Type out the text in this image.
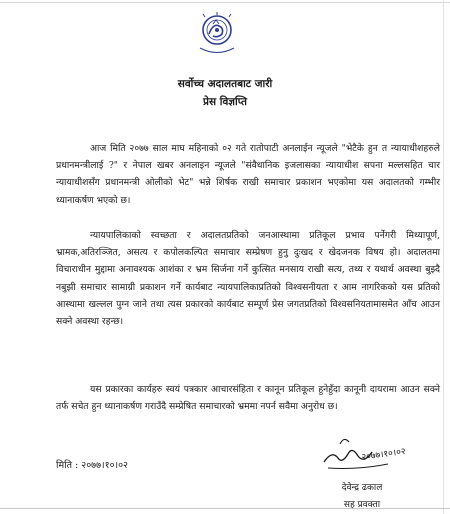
सर्वोच्च अदालतबाट जारी
प्रेस विज्ञप्ति

आज मिति २०७७ साल माघ महिनाको ०२ गते रातोपाटी अनलाईन न्यूजले "भेटैके हुन त न्यायाधीशहरुले प्रधानमन्त्रीलाई ?" र नेपाल खबर अनलाइन न्यूजले "संवैधानिक इजलासका न्यायाधीश सपना मल्लसहित चार न्यायाधीशसँग प्रधानमन्त्री ओलीको भेट" भन्ने शिर्षक राखी समाचार प्रकाशन भएकोमा यस अदालतको गम्भीर ध्यानाकर्षण भएको छ।

न्यायपालिकाको स्वच्छता र अदालतप्रतिको जनआस्थामा प्रतिकूल प्रभाव पर्नेगरी मिथ्यापूर्ण, भ्रामक,अतिरञ्जित, असत्य र कपोलकल्पित समाचार सम्प्रेषण हुनु दुःखद र खेदजनक विषय हो। अदालतमा विचाराधीन मुद्दामा अनावश्यक आशंका र भ्रम सिर्जना गर्ने कुत्सित मनसाय राखी सत्य, तथ्य र यथार्थ अवस्था बुझ्दै नबुझी समाचार सामाग्री प्रकाशन गर्ने कार्यबाट न्यायपालिकाप्रतिको विश्वसनीयता र आम नागरिकको यस प्रतिको आस्थामा खल्लल पुग्न जाने तथा त्यस प्रकारको कार्यबाट सम्पूर्ण प्रेस जगतप्रतिको विश्वसनियतामासमेत आँच आउन सक्ने अवस्था रहन्छ।

यस प्रकारका कार्यहरु स्वयं पत्रकार आचारसंहिता र कानून प्रतिकूल हुनेहुँदा कानूनी दायरामा आउन सक्ने तर्फ सचेत हुन ध्यानाकर्षण गराउँदै सम्प्रेषित समाचारको भ्रममा नपर्न सवैमा अनुरोध छ।

मिति : २०७७।१०।०२
२०७७।१०।०२
देवेन्द्र ढकाल
सह प्रवक्ता
